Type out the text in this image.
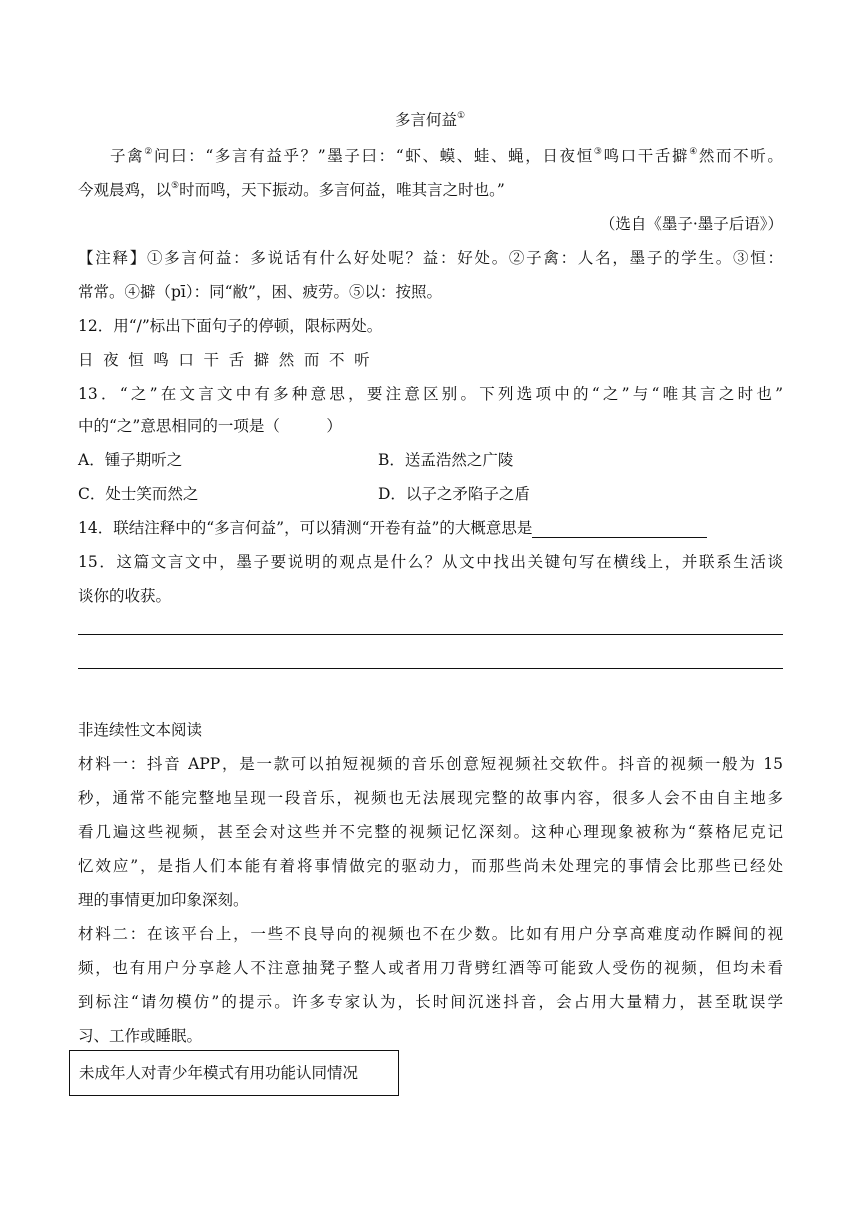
多言何益①
子禽②问曰：“多言有益乎？”墨子曰：“虾、蟆、蛙、蝇，日夜恒③鸣口干舌擗④然而不听。
今观晨鸡，以⑤时而鸣，天下振动。多言何益，唯其言之时也。”
（选自《墨子·墨子后语》）
【注释】①多言何益：多说话有什么好处呢？益：好处。②子禽：人名，墨子的学生。③恒：
常常。④擗（pī）：同“敝”，困、疲劳。⑤以：按照。
12．用“/”标出下面句子的停顿，限标两处。
日夜恒鸣口干舌擗然而不听
13．“之”在文言文中有多种意思，要注意区别。下列选项中的“之”与“唯其言之时也”
中的“之”意思相同的一项是（　　　）
A．锺子期听之	B．送孟浩然之广陵
C．处士笑而然之	D．以子之矛陷子之盾
14．联结注释中的“多言何益”，可以猜测“开卷有益”的大概意思是
15．这篇文言文中，墨子要说明的观点是什么？从文中找出关键句写在横线上，并联系生活谈
谈你的收获。
非连续性文本阅读
材料一：抖音 APP，是一款可以拍短视频的音乐创意短视频社交软件。抖音的视频一般为 15
秒，通常不能完整地呈现一段音乐，视频也无法展现完整的故事内容，很多人会不由自主地多
看几遍这些视频，甚至会对这些并不完整的视频记忆深刻。这种心理现象被称为“蔡格尼克记
忆效应”，是指人们本能有着将事情做完的驱动力，而那些尚未处理完的事情会比那些已经处
理的事情更加印象深刻。
材料二：在该平台上，一些不良导向的视频也不在少数。比如有用户分享高难度动作瞬间的视
频，也有用户分享趁人不注意抽凳子整人或者用刀背劈红酒等可能致人受伤的视频，但均未看
到标注“请勿模仿”的提示。许多专家认为，长时间沉迷抖音，会占用大量精力，甚至耽误学
习、工作或睡眠。
未成年人对青少年模式有用功能认同情况
